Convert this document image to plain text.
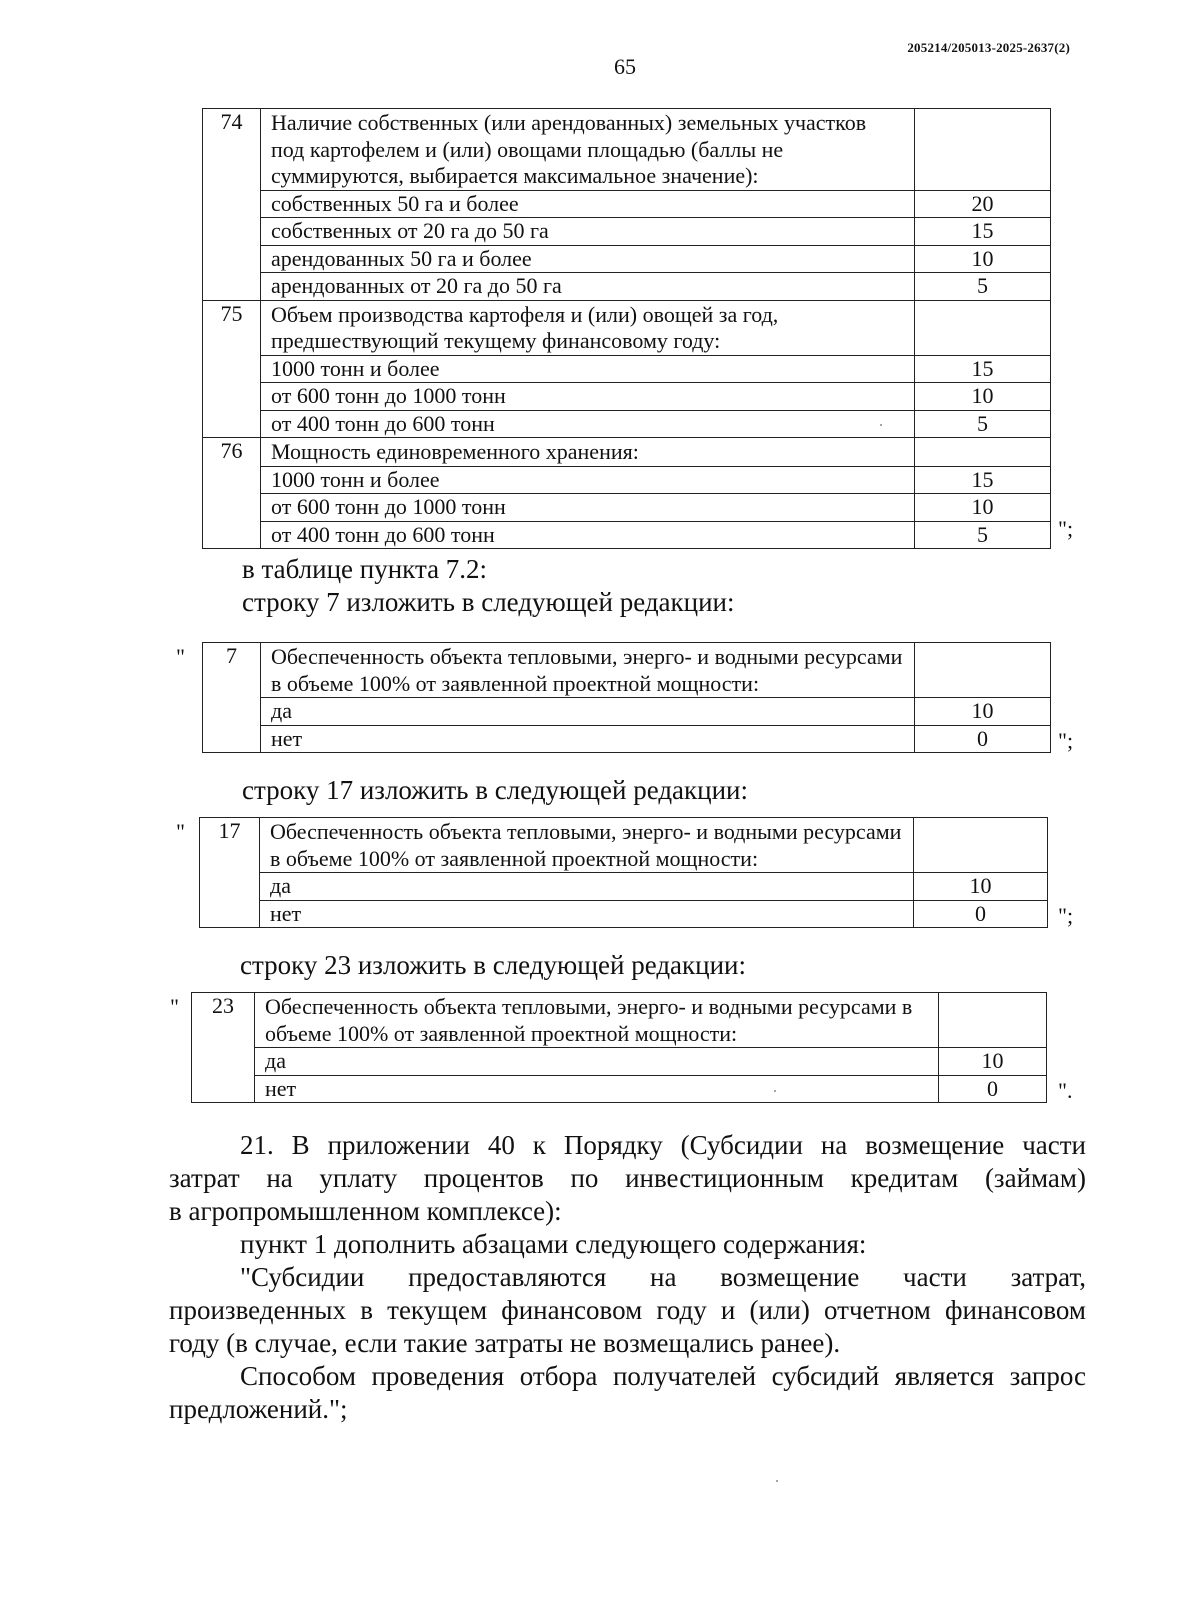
205214/205013-2025-2637(2)
65
74	Наличие собственных (или арендованных) земельных участков под картофелем и (или) овощами площадью (баллы не суммируются, выбирается максимальное значение):	
	собственных 50 га и более	20
	собственных от 20 га до 50 га	15
	арендованных 50 га и более	10
	арендованных от 20 га до 50 га	5
75	Объем производства картофеля и (или) овощей за год, предшествующий текущему финансовому году:	
	1000 тонн и более	15
	от 600 тонн до 1000 тонн	10
	от 400 тонн до 600 тонн	5
76	Мощность единовременного хранения:	
	1000 тонн и более	15
	от 600 тонн до 1000 тонн	10
	от 400 тонн до 600 тонн	5	";
в таблице пункта 7.2:
строку 7 изложить в следующей редакции:
" 7	Обеспеченность объекта тепловыми, энерго- и водными ресурсами в объеме 100% от заявленной проектной мощности:	
	да	10
	нет	0	";
строку 17 изложить в следующей редакции:
" 17	Обеспеченность объекта тепловыми, энерго- и водными ресурсами в объеме 100% от заявленной проектной мощности:	
	да	10
	нет	0	";
строку 23 изложить в следующей редакции:
" 23	Обеспеченность объекта тепловыми, энерго- и водными ресурсами в объеме 100% от заявленной проектной мощности:	
	да	10
	нет	0	".
21. В приложении 40 к Порядку (Субсидии на возмещение части
затрат на уплату процентов по инвестиционным кредитам (займам)
в агропромышленном комплексе):
пункт 1 дополнить абзацами следующего содержания:
"Субсидии предоставляются на возмещение части затрат,
произведенных в текущем финансовом году и (или) отчетном финансовом
году (в случае, если такие затраты не возмещались ранее).
Способом проведения отбора получателей субсидий является запрос
предложений.";
